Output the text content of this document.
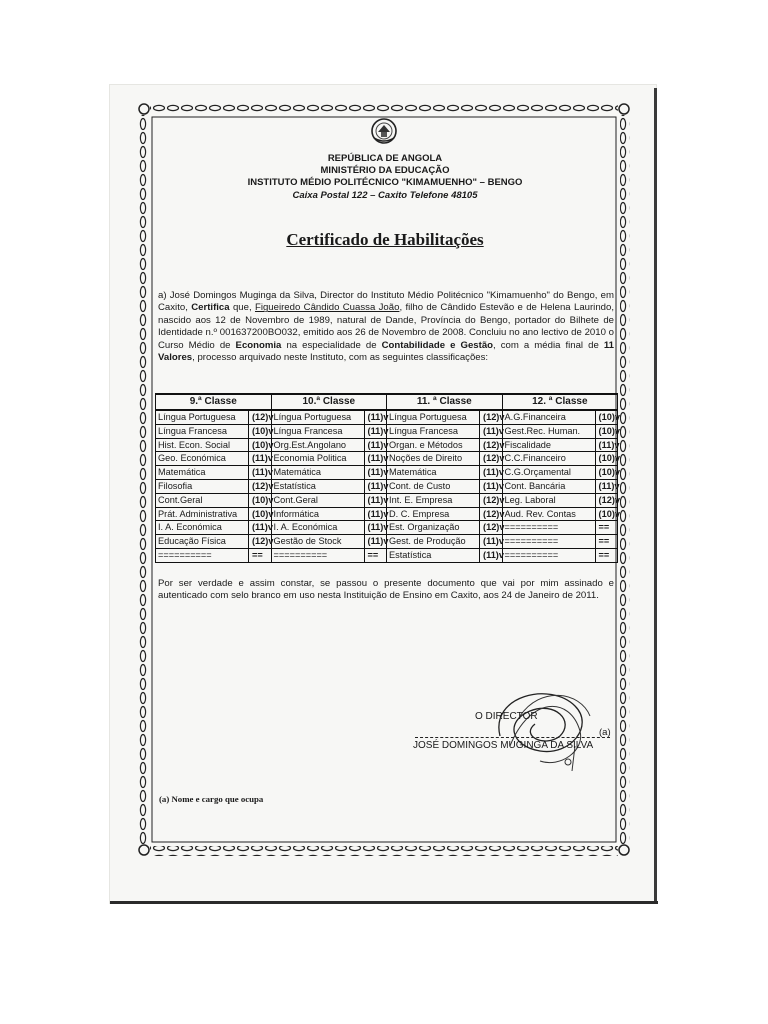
REPÚBLICA DE ANGOLA
MINISTÉRIO DA EDUCAÇÃO
INSTITUTO MÉDIO POLITÉCNICO "KIMAMUENHO" – BENGO
Caixa Postal 122 – Caxito Telefone 48105
Certificado de Habilitações
a) José Domingos Muginga da Silva, Director do Instituto Médio Politécnico "Kimamuenho" do Bengo, em Caxito, Certifica que, Figueiredo Cândido Cuassa João, filho de Cândido Estevão e de Helena Laurindo, nascido aos 12 de Novembro de 1989, natural de Dande, Província do Bengo, portador do Bilhete de Identidade n.º 001637200BO032, emitido aos 26 de Novembro de 2008. Concluiu no ano lectivo de 2010 o Curso Médio de Economia na especialidade de Contabilidade e Gestão, com a média final de 11 Valores, processo arquivado neste Instituto, com as seguintes classificações:
9.ª Classe		10.ª Classe		11. ª Classe		12. ª Classe	
Língua Portuguesa	(12)v	Língua Portuguesa	(11)v	Língua Portuguesa	(12)v	A.G.Financeira	(10)v
Língua Francesa	(10)v	Língua Francesa	(11)v	Língua Francesa	(11)v	Gest.Rec. Human.	(10)v
Hist. Econ. Social	(10)v	Org.Est.Angolano	(11)v	Organ. e Métodos	(12)v	Fiscalidade	(11)v
Geo. Económica	(11)v	Economia Politica	(11)v	Noções de Direito	(12)v	C.C.Financeiro	(10)v
Matemática	(11)v	Matemática	(11)v	Matemática	(11)v	C.G.Orçamental	(10)v
Filosofia	(12)v	Estatística	(11)v	Cont. de Custo	(11)v	Cont. Bancária	(11)v
Cont.Geral	(10)v	Cont.Geral	(11)v	Int. E. Empresa	(12)v	Leg. Laboral	(12)v
Prát. Administrativa	(10)v	Informática	(11)v	D. C. Empresa	(12)v	Aud. Rev. Contas	(10)v
I. A. Económica	(11)v	I. A. Económica	(11)v	Est. Organização	(12)v	==========	==
Educação Física	(12)v	Gestão de Stock	(11)v	Gest. de Produção	(11)v	==========	==
==========	==	==========	==	Estatística	(11)v	==========	==
Por ser verdade e assim constar, se passou o presente documento que vai por mim assinado e autenticado com selo branco em uso nesta Instituição de Ensino em Caxito, aos 24 de Janeiro de 2011.
O DIRECTOR
(a)
JOSÉ DOMINGOS MUGINGA DA SILVA
(a) Nome e cargo que ocupa
